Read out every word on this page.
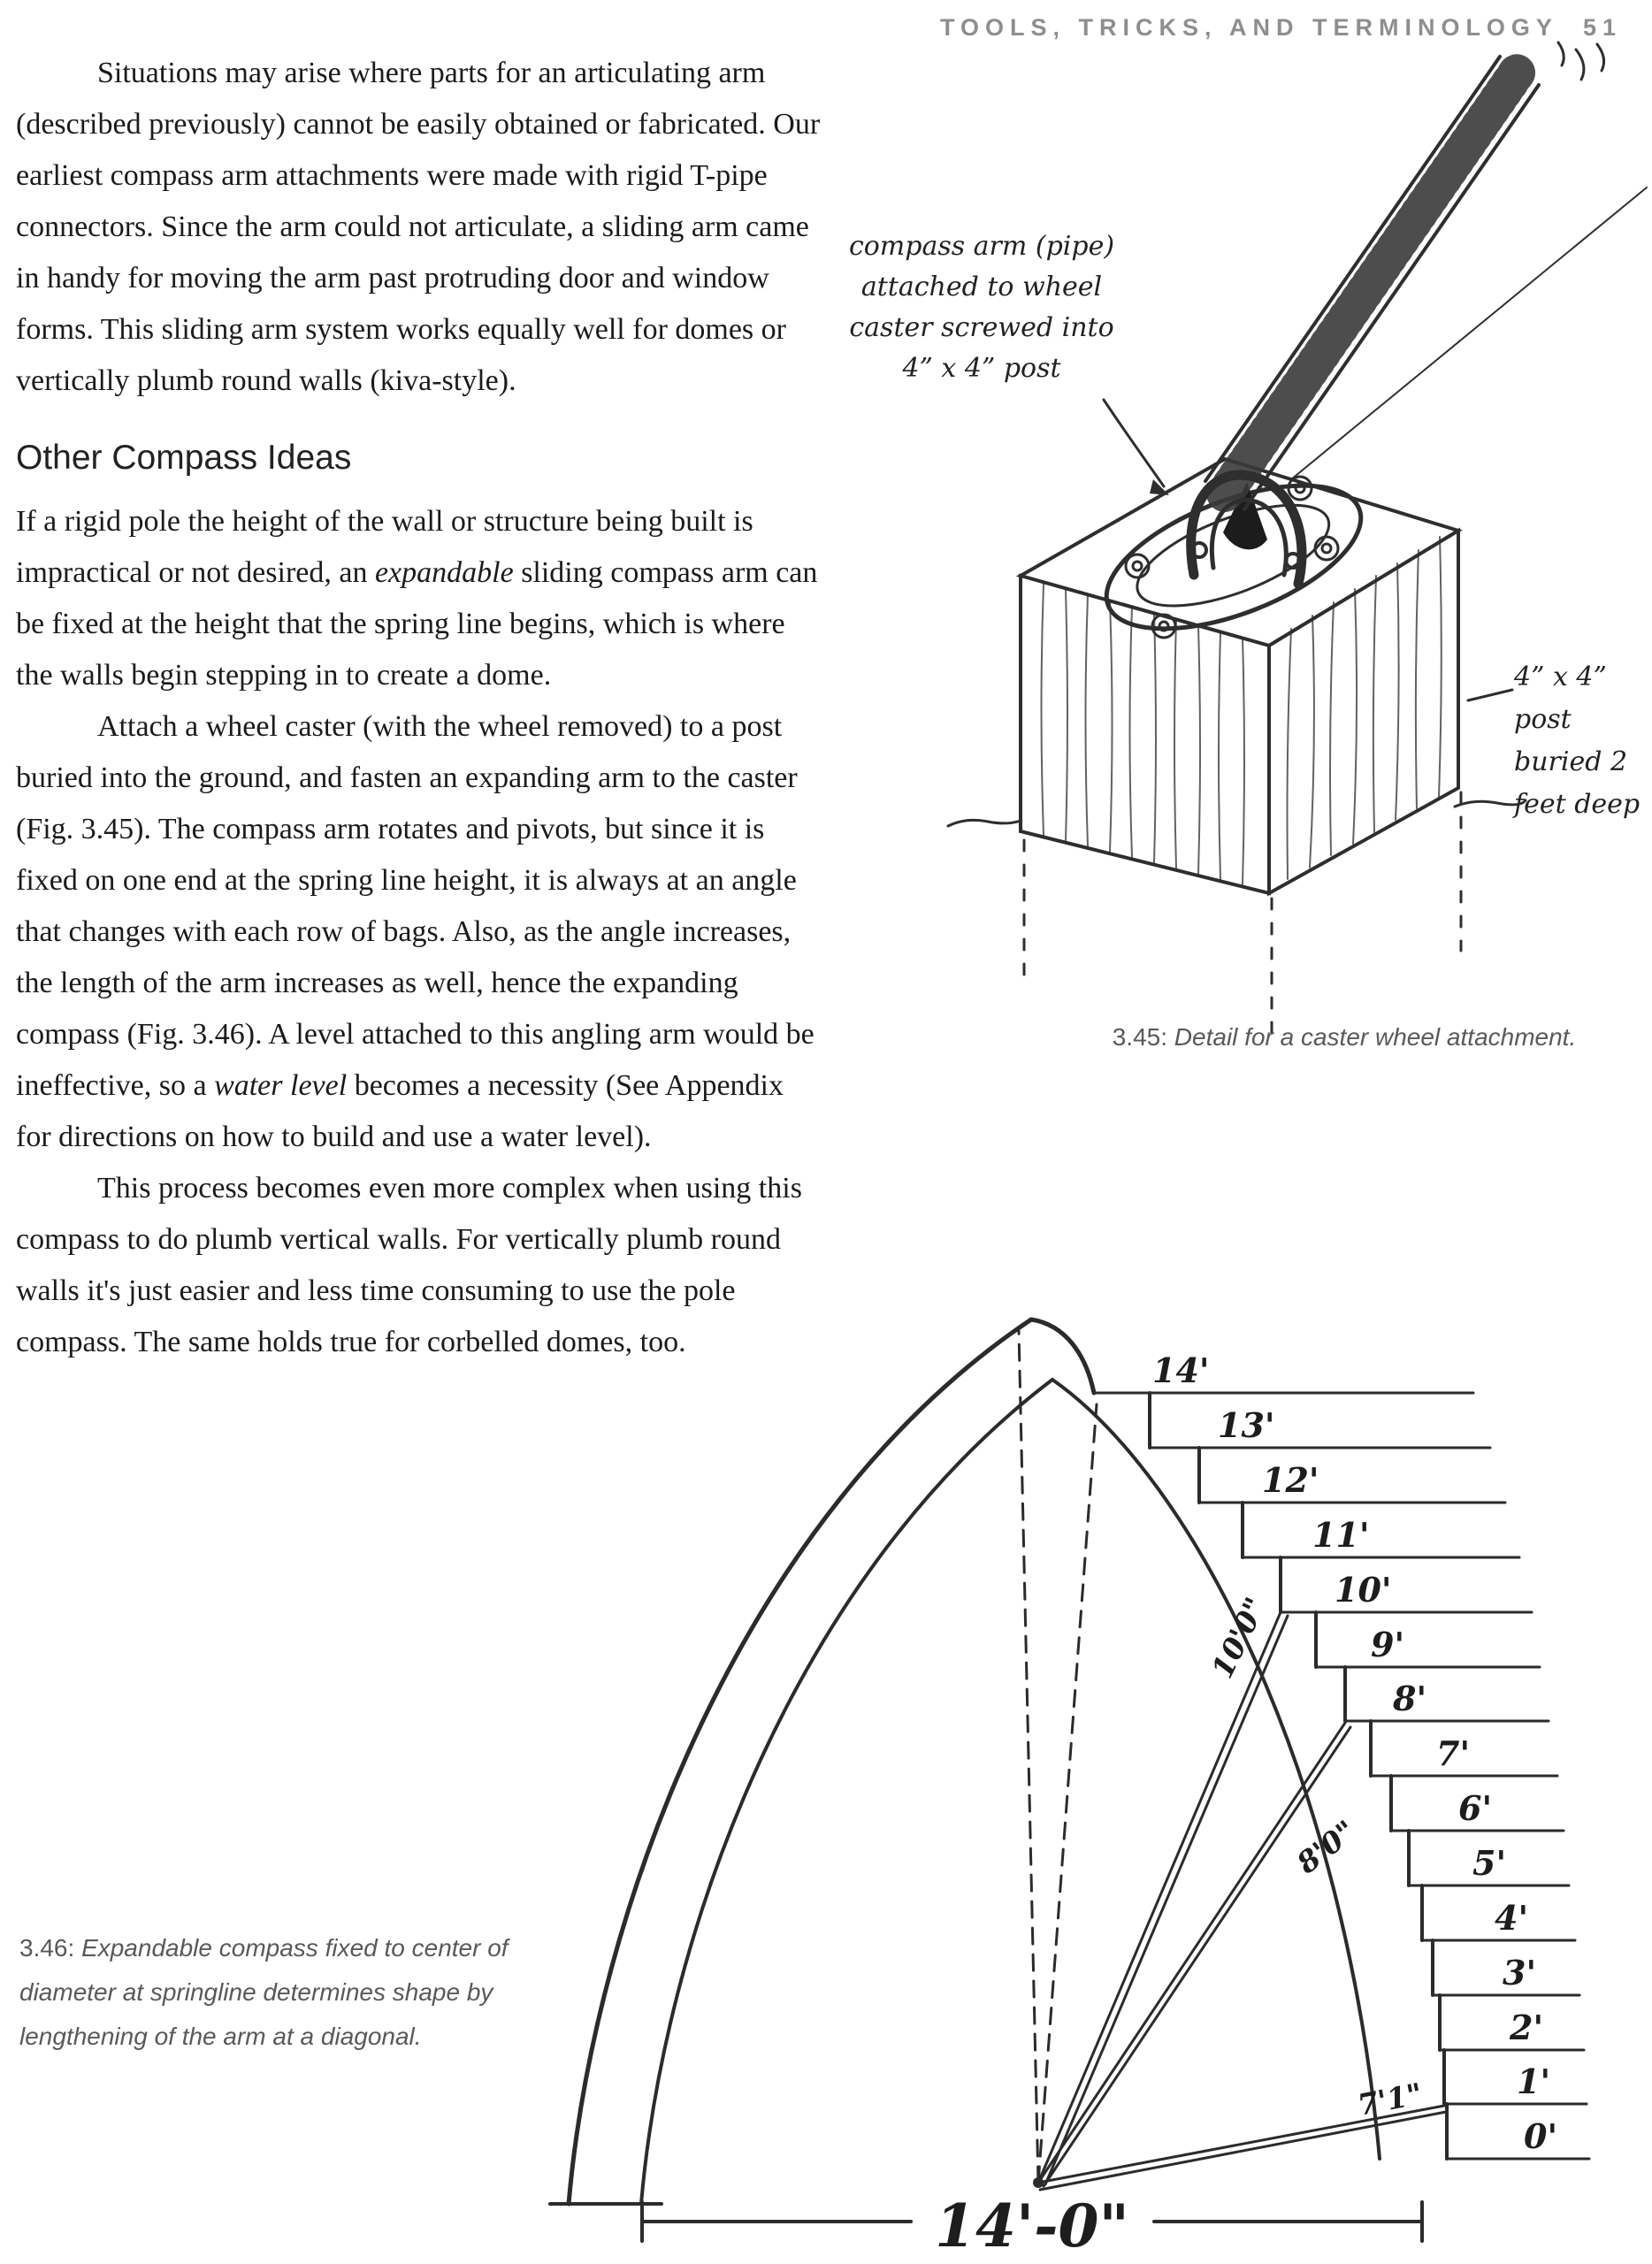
TOOLS, TRICKS, AND TERMINOLOGY 51

Situations may arise where parts for an articulating arm (described previously) cannot be easily obtained or fabricated. Our earliest compass arm attachments were made with rigid T-pipe connectors. Since the arm could not articulate, a sliding arm came in handy for moving the arm past protruding door and window forms. This sliding arm system works equally well for domes or vertically plumb round walls (kiva-style).

Other Compass Ideas

If a rigid pole the height of the wall or structure being built is impractical or not desired, an expandable sliding compass arm can be fixed at the height that the spring line begins, which is where the walls begin stepping in to create a dome.

Attach a wheel caster (with the wheel removed) to a post buried into the ground, and fasten an expanding arm to the caster (Fig. 3.45). The compass arm rotates and pivots, but since it is fixed on one end at the spring line height, it is always at an angle that changes with each row of bags. Also, as the angle increases, the length of the arm increases as well, hence the expanding compass (Fig. 3.46). A level attached to this angling arm would be ineffective, so a water level becomes a necessity (See Appendix for directions on how to build and use a water level).

This process becomes even more complex when using this compass to do plumb vertical walls. For vertically plumb round walls it's just easier and less time consuming to use the pole compass. The same holds true for corbelled domes, too.

compass arm (pipe)
attached to wheel
caster screwed into
4” x 4” post
4” x 4”
post
buried 2
feet deep
3.45: Detail for a caster wheel attachment.
14'
13'
12'
11'
10'
9'
8'
7'
6'
5'
4'
3'
2'
1'
0'
10'0"
8'0"
7'1"
14'-0"
3.46: Expandable compass fixed to center of diameter at springline determines shape by lengthening of the arm at a diagonal.
